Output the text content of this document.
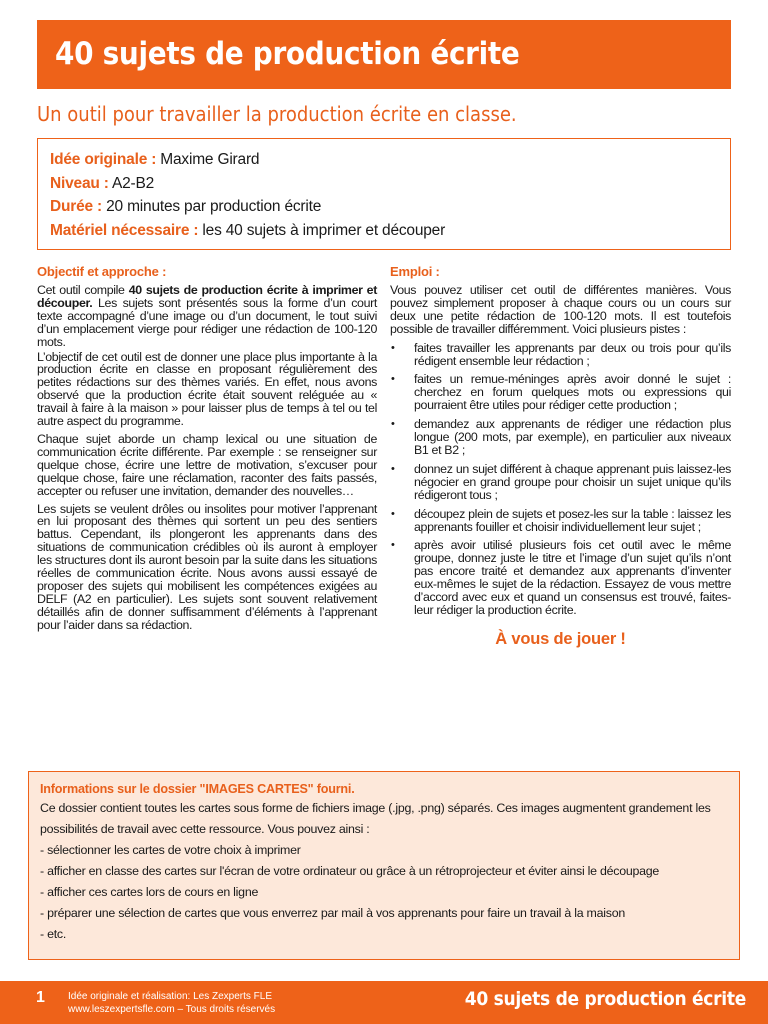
40 sujets de production écrite
Un outil pour travailler la production écrite en classe.
Idée originale : Maxime Girard
Niveau : A2-B2
Durée : 20 minutes par production écrite
Matériel nécessaire : les 40 sujets à imprimer et découper
Objectif et approche :

Cet outil compile 40 sujets de production écrite à imprimer et découper. Les sujets sont présentés sous la forme d’un court texte accompagné d’une image ou d’un document, le tout suivi d’un emplacement vierge pour rédiger une rédaction de 100-120 mots.

L’objectif de cet outil est de donner une place plus importante à la production écrite en classe en proposant régulièrement des petites rédactions sur des thèmes variés. En effet, nous avons observé que la production écrite était souvent reléguée au « travail à faire à la maison » pour laisser plus de temps à tel ou tel autre aspect du programme.

Chaque sujet aborde un champ lexical ou une situation de communication écrite différente. Par exemple : se renseigner sur quelque chose, écrire une lettre de motivation, s’excuser pour quelque chose, faire une réclamation, raconter des faits passés, accepter ou refuser une invitation, demander des nouvelles…

Les sujets se veulent drôles ou insolites pour motiver l’apprenant en lui proposant des thèmes qui sortent un peu des sentiers battus. Cependant, ils plongeront les apprenants dans des situations de communication crédibles où ils auront à employer les structures dont ils auront besoin par la suite dans les situations réelles de communication écrite. Nous avons aussi essayé de proposer des sujets qui mobilisent les compétences exigées au DELF (A2 en particulier). Les sujets sont souvent relativement détaillés afin de donner suffisamment d’éléments à l’apprenant pour l’aider dans sa rédaction.

Emploi :

Vous pouvez utiliser cet outil de différentes manières. Vous pouvez simplement proposer à chaque cours ou un cours sur deux une petite rédaction de 100-120 mots. Il est toutefois possible de travailler différemment. Voici plusieurs pistes :

• faites travailler les apprenants par deux ou trois pour qu’ils rédigent ensemble leur rédaction ;
• faites un remue-méninges après avoir donné le sujet : cherchez en forum quelques mots ou expressions qui pourraient être utiles pour rédiger cette production ;
• demandez aux apprenants de rédiger une rédaction plus longue (200 mots, par exemple), en particulier aux niveaux B1 et B2 ;
• donnez un sujet différent à chaque apprenant puis laissez-les négocier en grand groupe pour choisir un sujet unique qu’ils rédigeront tous ;
• découpez plein de sujets et posez-les sur la table : laissez les apprenants fouiller et choisir individuellement leur sujet ;
• après avoir utilisé plusieurs fois cet outil avec le même groupe, donnez juste le titre et l’image d’un sujet qu’ils n’ont pas encore traité et demandez aux apprenants d’inventer eux-mêmes le sujet de la rédaction. Essayez de vous mettre d’accord avec eux et quand un consensus est trouvé, faites-leur rédiger la production écrite.
À vous de jouer !
Informations sur le dossier "IMAGES CARTES" fourni.
Ce dossier contient toutes les cartes sous forme de fichiers image (.jpg, .png) séparés. Ces images augmentent grandement les possibilités de travail avec cette ressource. Vous pouvez ainsi :
- sélectionner les cartes de votre choix à imprimer
- afficher en classe des cartes sur l'écran de votre ordinateur ou grâce à un rétroprojecteur et éviter ainsi le découpage
- afficher ces cartes lors de cours en ligne
- préparer une sélection de cartes que vous enverrez par mail à vos apprenants pour faire un travail à la maison
- etc.
1 Idée originale et réalisation: Les Zexperts FLE
www.leszexpertsfle.com – Tous droits réservés	40 sujets de production écrite
